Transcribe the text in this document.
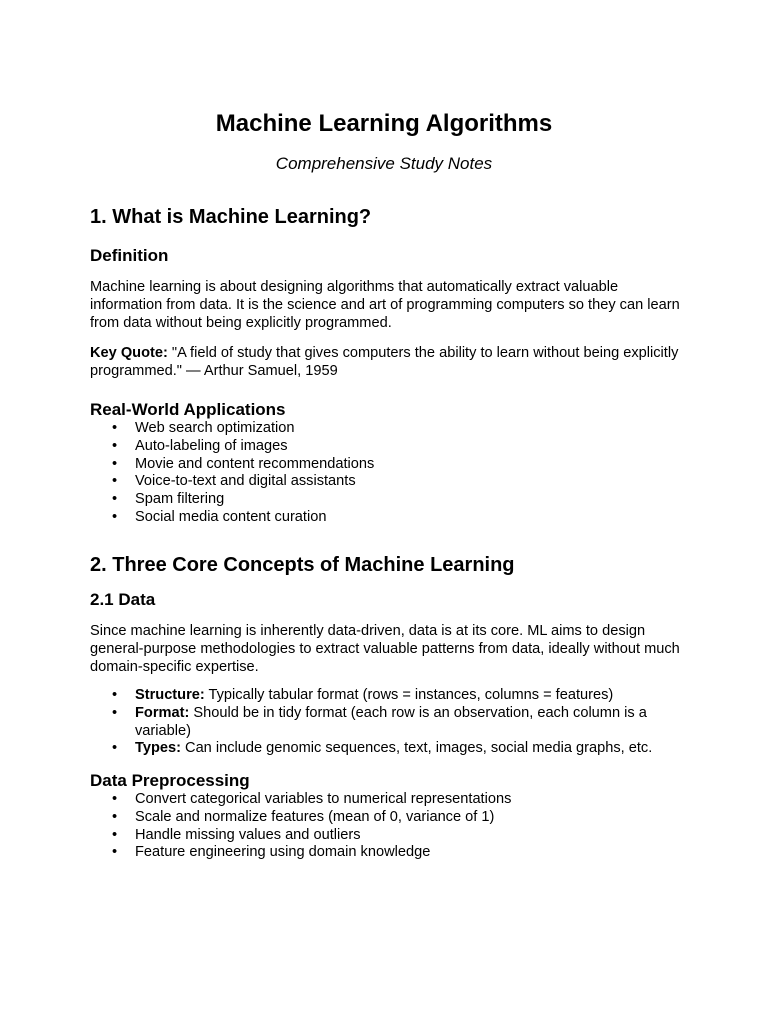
Machine Learning Algorithms

Comprehensive Study Notes

1. What is Machine Learning?
Definition

Machine learning is about designing algorithms that automatically extract valuable information from data. It is the science and art of programming computers so they can learn from data without being explicitly programmed.

Key Quote: "A field of study that gives computers the ability to learn without being explicitly programmed." — Arthur Samuel, 1959

Real-World Applications
• Web search optimization
• Auto-labeling of images
• Movie and content recommendations
• Voice-to-text and digital assistants
• Spam filtering
• Social media content curation
2. Three Core Concepts of Machine Learning
2.1 Data

Since machine learning is inherently data-driven, data is at its core. ML aims to design general-purpose methodologies to extract valuable patterns from data, ideally without much domain-specific expertise.

• Structure: Typically tabular format (rows = instances, columns = features)
• Format: Should be in tidy format (each row is an observation, each column is a variable)
• Types: Can include genomic sequences, text, images, social media graphs, etc.
Data Preprocessing
• Convert categorical variables to numerical representations
• Scale and normalize features (mean of 0, variance of 1)
• Handle missing values and outliers
• Feature engineering using domain knowledge
